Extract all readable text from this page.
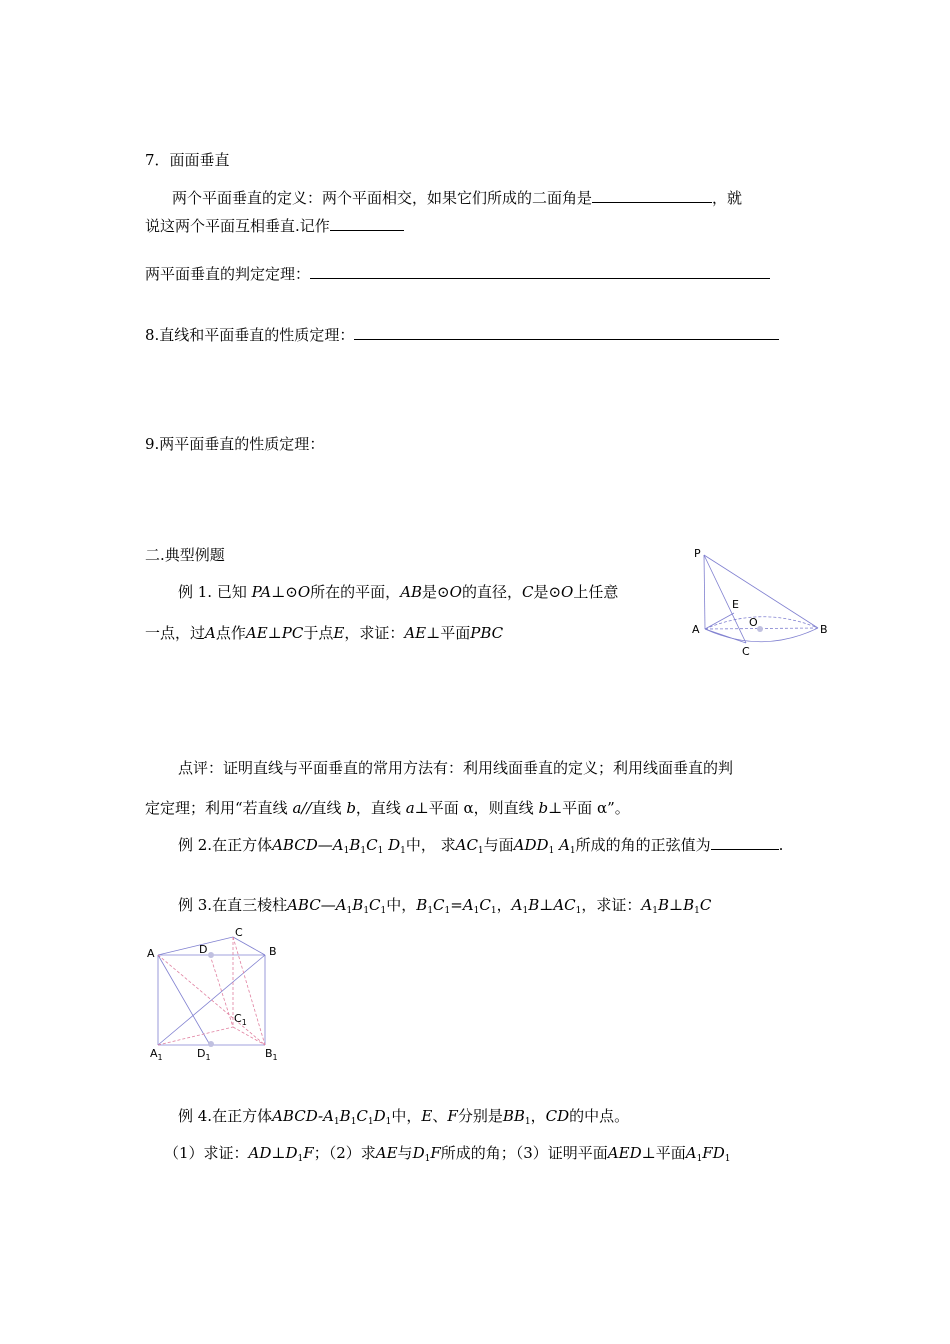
7．面面垂直
两个平面垂直的定义：两个平面相交，如果它们所成的二面角是	，就
说这两个平面互相垂直.记作
两平面垂直的判定定理：
8.直线和平面垂直的性质定理：
9.两平面垂直的性质定理：
二.典型例题
例 1. 已知 PA⊥⊙O所在的平面，AB是⊙O的直径，C是⊙O上任意
一点，过A点作AE⊥PC于点E，求证：AE⊥平面PBC
P
E
O
A	B
C
点评：证明直线与平面垂直的常用方法有：利用线面垂直的定义；利用线面垂直的判
定定理；利用“若直线 a//直线 b，直线 a⊥平面 α，则直线 b⊥平面 α”。
例 2.在正方体$ABCD—A_1B_1C_1$ $D_1$中， 求$AC_1$与面$ADD_1$ $A_1$所成的角的正弦值为	.
例 3.在直三棱柱$ABC—A_1B_1C_1$中，$B_1C_1=A_1C_1$，$A_1B\perp AC_1$，求证：$A_1B\perp B_1C$
A	B
C
D
$C_1$
$A_1$	$D_1$	$B_1$
例 4.在正方体ABCD-$A_1B_1C_1D_1$中，E、F分别是$BB_1$，CD的中点。
（1）求证：$AD\perp D_1F$；（2）求AE与$D_1F$所成的角；（3）证明平面AED⊥平面$A_1FD_1$
